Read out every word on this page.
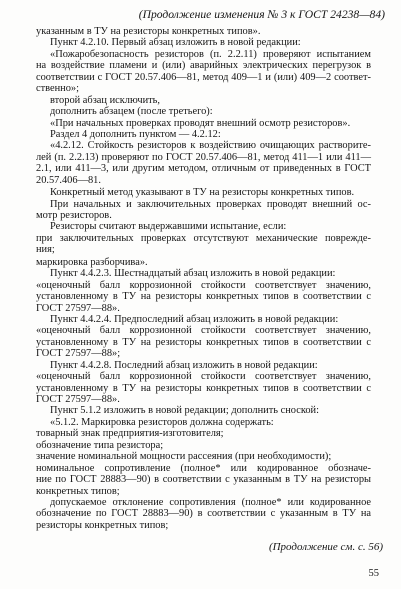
(Продолжение изменения № 3 к ГОСТ 24238—84)
указанным в ТУ на резисторы конкретных типов».
Пункт 4.2.10. Первый абзац изложить в новой редакции:
«Пожаробезопасность резисторов (п. 2.2.11) проверяют испытанием
на воздействие пламени и (или) аварийных электрических перегрузок в
соответствии с ГОСТ 20.57.406—81, метод 409—1 и (или) 409—2 соответ-
ственно»;
второй абзац исключить,
дополнить абзацем (после третьего):
«При начальных проверках проводят внешний осмотр резисторов».
Раздел 4 дополнить пунктом — 4.2.12:
«4.2.12. Стойкость резисторов к воздействию очищающих растворите-
лей (п. 2.2.13) проверяют по ГОСТ 20.57.406—81, метод 411—1 или 411—
2.1, или 411—3, или другим методом, отличным от приведенных в ГОСТ
20.57.406—81.
Конкретный метод указывают в ТУ на резисторы конкретных типов.
При начальных и заключительных проверках проводят внешний ос-
мотр резисторов.
Резисторы считают выдержавшими испытание, если:
при заключительных проверках отсутствуют механические поврежде-
ния;
маркировка разборчива».
Пункт 4.4.2.3. Шестнадцатый абзац изложить в новой редакции:
«оценочный балл коррозионной стойкости соответствует значению,
установленному в ТУ на резисторы конкретных типов в соответствии с
ГОСТ 27597—88».
Пункт 4.4.2.4. Предпоследний абзац изложить в новой редакции:
«оценочный балл коррозионной стойкости соответствует значению,
установленному в ТУ на резисторы конкретных типов в соответствии с
ГОСТ 27597—88»;
Пункт 4.4.2.8. Последний абзац изложить в новой редакции:
«оценочный балл коррозионной стойкости соответствует значению,
установленному в ТУ на резисторы конкретных типов в соответствии с
ГОСТ 27597—88».
Пункт 5.1.2 изложить в новой редакции; дополнить сноской:
«5.1.2. Маркировка резисторов должна содержать:
товарный знак предприятия-изготовителя;
обозначение типа резистора;
значение номинальной мощности рассеяния (при необходимости);
номинальное сопротивление (полное* или кодированное обозначе-
ние по ГОСТ 28883—90) в соответствии с указанным в ТУ на резисторы
конкретных типов;
допускаемое отклонение сопротивления (полное* или кодированное
обозначение по ГОСТ 28883—90) в соответствии с указанным в ТУ на
резисторы конкретных типов;
(Продолжение см. с. 56)
55
